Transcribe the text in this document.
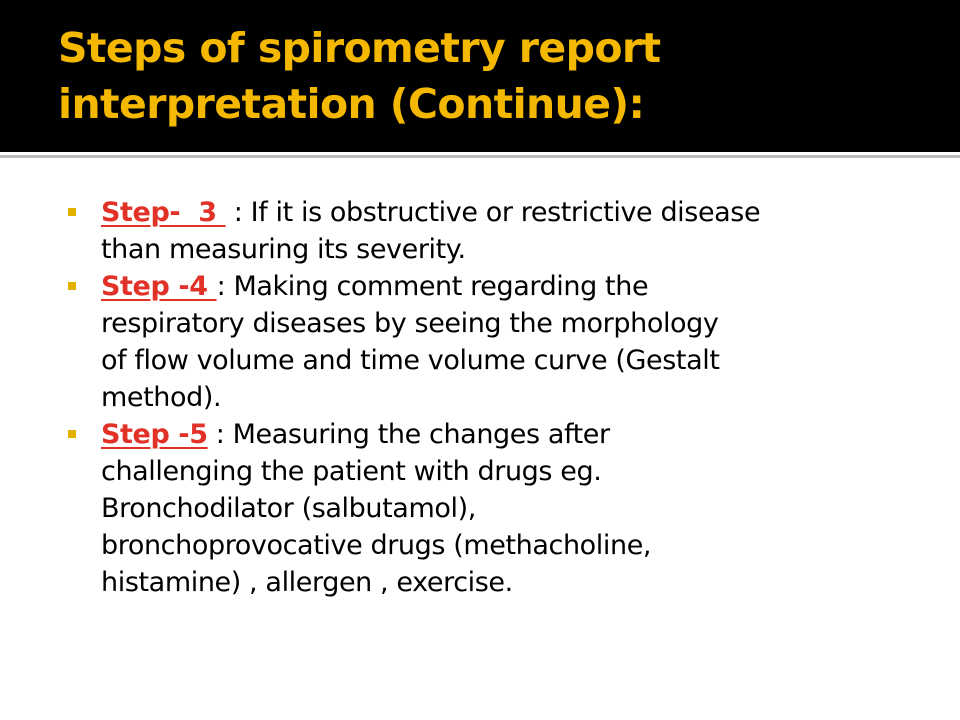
Steps of spirometry report
interpretation (Continue):
Step-  3  : If it is obstructive or restrictive disease
than measuring its severity.
Step -4 : Making comment regarding the
respiratory diseases by seeing the morphology
of flow volume and time volume curve (Gestalt
method).
Step -5 : Measuring the changes after
challenging the patient with drugs eg.
Bronchodilator (salbutamol),
bronchoprovocative drugs (methacholine,
histamine) , allergen , exercise.
